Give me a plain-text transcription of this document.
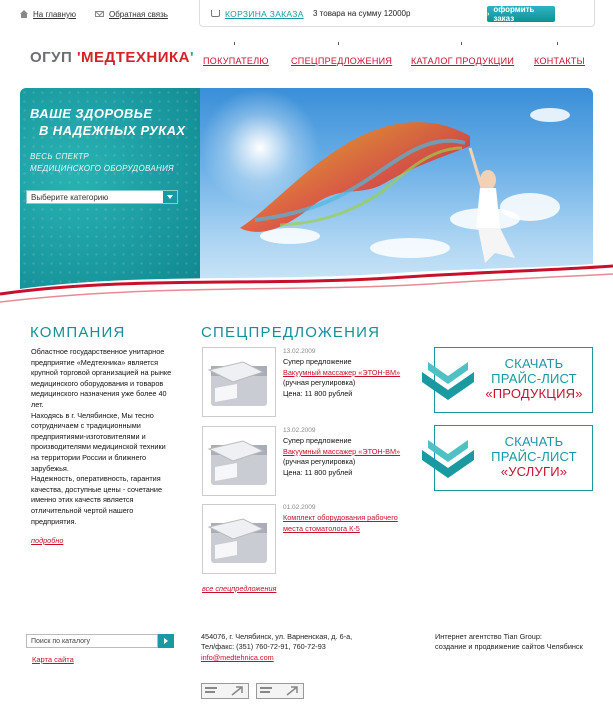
На главную	Обратная связь	КОРЗИНА ЗАКАЗА 3 товара на сумму 12000р	› оформить заказ
ОГУП 'МЕДТЕХНИКА' ПОКУПАТЕЛЮ СПЕЦПРЕДЛОЖЕНИЯ КАТАЛОГ ПРОДУКЦИИ КОНТАКТЫ
ВАШЕ ЗДОРОВЬЕ
В НАДЕЖНЫХ РУКАХ
ВЕСЬ СПЕКТР
МЕДИЦИНСКОГО ОБОРУДОВАНИЯ
Выберите категорию
КОМПАНИЯ
Областное государственное унитарное
предприятие «Медтехника» является
крупной торговой организацией на рынке
медицинского оборудования и товаров
медицинского назначения уже более 40
лет.
Находясь в г. Челябинске, Мы тесно
сотрудничаем с традиционными
предприятиями-изготовителями и
производителями медицинской техники
на территории России и ближнего
зарубежья.
Надежность, оперативность, гарантия
качества, доступные цены - сочетание
именно этих качеств является
отличительной чертой нашего
предприятия.
подробно
СПЕЦПРЕДЛОЖЕНИЯ
13.02.2009
Супер предложение
Вакуумный массажер «ЭТОН-ВМ»
(ручная регулировка)
Цена: 11 800 рублей
13.02.2009
Супер предложение
Вакуумный массажер «ЭТОН-ВМ»
(ручная регулировка)
Цена: 11 800 рублей
01.02.2009
Комплект оборудования рабочего
места стоматолога К-5
все спецпредложения
СКАЧАТЬ
ПРАЙС-ЛИСТ
«ПРОДУКЦИЯ»
СКАЧАТЬ
ПРАЙС-ЛИСТ
«УСЛУГИ»
Поиск по каталогу
Карта сайта
454076, г. Челябинск, ул. Варненская, д. 6-а,
Тел/факс: (351) 760-72-91, 760-72-93
info@medtehnica.com
Интернет агентство Tian Group:
создание и продвижение сайтов Челябинск
